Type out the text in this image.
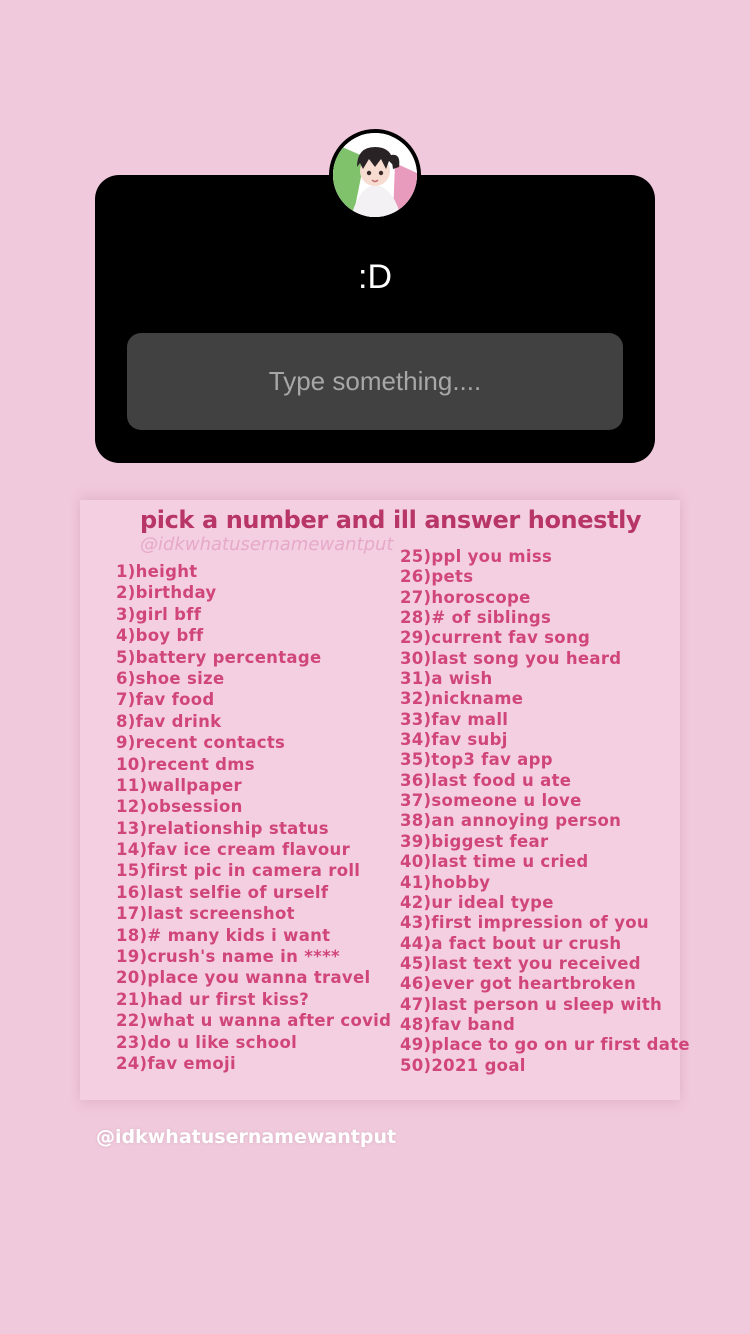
:D
Type something....
pick a number and ill answer honestly
@idkwhatusernamewantput
1)height
2)birthday
3)girl bff
4)boy bff
5)battery percentage
6)shoe size
7)fav food
8)fav drink
9)recent contacts
10)recent dms
11)wallpaper
12)obsession
13)relationship status
14)fav ice cream flavour
15)first pic in camera roll
16)last selfie of urself
17)last screenshot
18)# many kids i want
19)crush's name in ****
20)place you wanna travel
21)had ur first kiss?
22)what u wanna after covid
23)do u like school
24)fav emoji
25)ppl you miss
26)pets
27)horoscope
28)# of siblings
29)current fav song
30)last song you heard
31)a wish
32)nickname
33)fav mall
34)fav subj
35)top3 fav app
36)last food u ate
37)someone u love
38)an annoying person
39)biggest fear
40)last time u cried
41)hobby
42)ur ideal type
43)first impression of you
44)a fact bout ur crush
45)last text you received
46)ever got heartbroken
47)last person u sleep with
48)fav band
49)place to go on ur first date
50)2021 goal
@idkwhatusernamewantput
